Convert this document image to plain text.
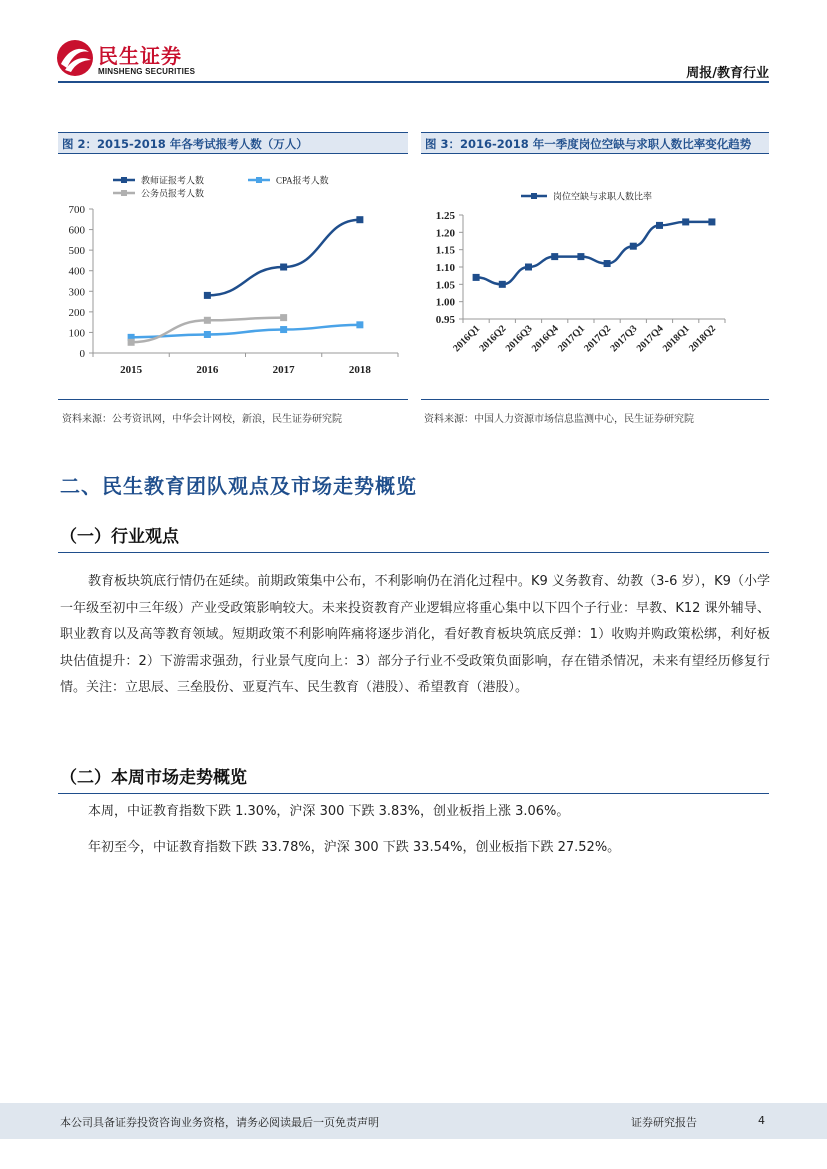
民生证券
MINSHENG SECURITIES	周报/教育行业
图 2：2015-2018 年各考试报考人数（万人）
0
100
200
300
400
500
600
700
2015	2016	2017	2018
教师证报考人数	CPA报考人数
公务员报考人数
资料来源：公考资讯网，中华会计网校，新浪，民生证券研究院
图 3：2016-2018 年一季度岗位空缺与求职人数比率变化趋势
0.95
1.00
1.05
1.10
1.15
1.20
1.25
2016Q1
2016Q2
2016Q3
2016Q4
2017Q1
2017Q2
2017Q3
2017Q4
2018Q1
2018Q2
岗位空缺与求职人数比率
资料来源：中国人力资源市场信息监测中心，民生证券研究院
二、民生教育团队观点及市场走势概览
（一）行业观点
教育板块筑底行情仍在延续。前期政策集中公布，不利影响仍在消化过程中。K9 义务教育、幼教（3-6 岁），K9（小学一年级至初中三年级）产业受政策影响较大。未来投资教育产业逻辑应将重心集中以下四个子行业：早教、K12 课外辅导、职业教育以及高等教育领域。短期政策不利影响阵痛将逐步消化，看好教育板块筑底反弹：1）收购并购政策松绑，利好板块估值提升：2）下游需求强劲，行业景气度向上：3）部分子行业不受政策负面影响，存在错杀情况，未来有望经历修复行情。关注：立思辰、三垒股份、亚夏汽车、民生教育（港股）、希望教育（港股）。
（二）本周市场走势概览
本周，中证教育指数下跌 1.30%，沪深 300 下跌 3.83%，创业板指上涨 3.06%。
年初至今，中证教育指数下跌 33.78%，沪深 300 下跌 33.54%，创业板指下跌 27.52%。
本公司具备证券投资咨询业务资格，请务必阅读最后一页免责声明	证券研究报告	4
